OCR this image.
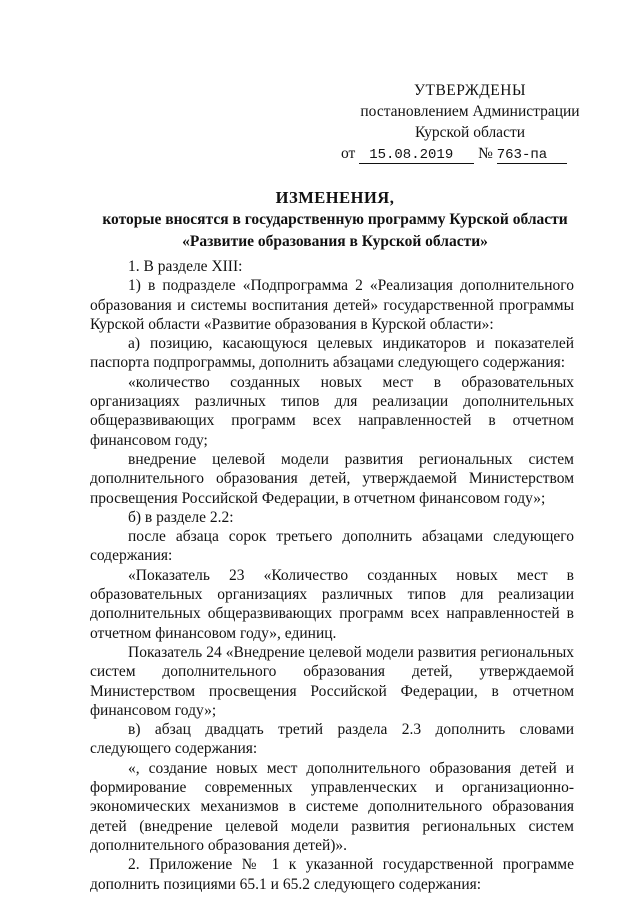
УТВЕРЖДЕНЫ
постановлением Администрации
Курской области
от 15.08.2019 № 763-па
ИЗМЕНЕНИЯ,
которые вносятся в государственную программу Курской области
«Развитие образования в Курской области»

1. В разделе XIII:

1) в подразделе «Подпрограмма 2 «Реализация дополнительного образования и системы воспитания детей» государственной программы Курской области «Развитие образования в Курской области»:

а) позицию, касающуюся целевых индикаторов и показателей паспорта подпрограммы, дополнить абзацами следующего содержания:

«количество созданных новых мест в образовательных организациях различных типов для реализации дополнительных общеразвивающих программ всех направленностей в отчетном финансовом году;

внедрение целевой модели развития региональных систем дополнительного образования детей, утверждаемой Министерством просвещения Российской Федерации, в отчетном финансовом году»;

б) в разделе 2.2:

после абзаца сорок третьего дополнить абзацами следующего содержания:

«Показатель 23 «Количество созданных новых мест в образовательных организациях различных типов для реализации дополнительных общеразвивающих программ всех направленностей в отчетном финансовом году», единиц.

Показатель 24 «Внедрение целевой модели развития региональных систем дополнительного образования детей, утверждаемой Министерством просвещения Российской Федерации, в отчетном финансовом году»;

в) абзац двадцать третий раздела 2.3 дополнить словами следующего содержания:

«, создание новых мест дополнительного образования детей и формирование современных управленческих и организационно-экономических механизмов в системе дополнительного образования детей (внедрение целевой модели развития региональных систем дополнительного образования детей)».

2. Приложение № 1 к указанной государственной программе дополнить позициями 65.1 и 65.2 следующего содержания:
